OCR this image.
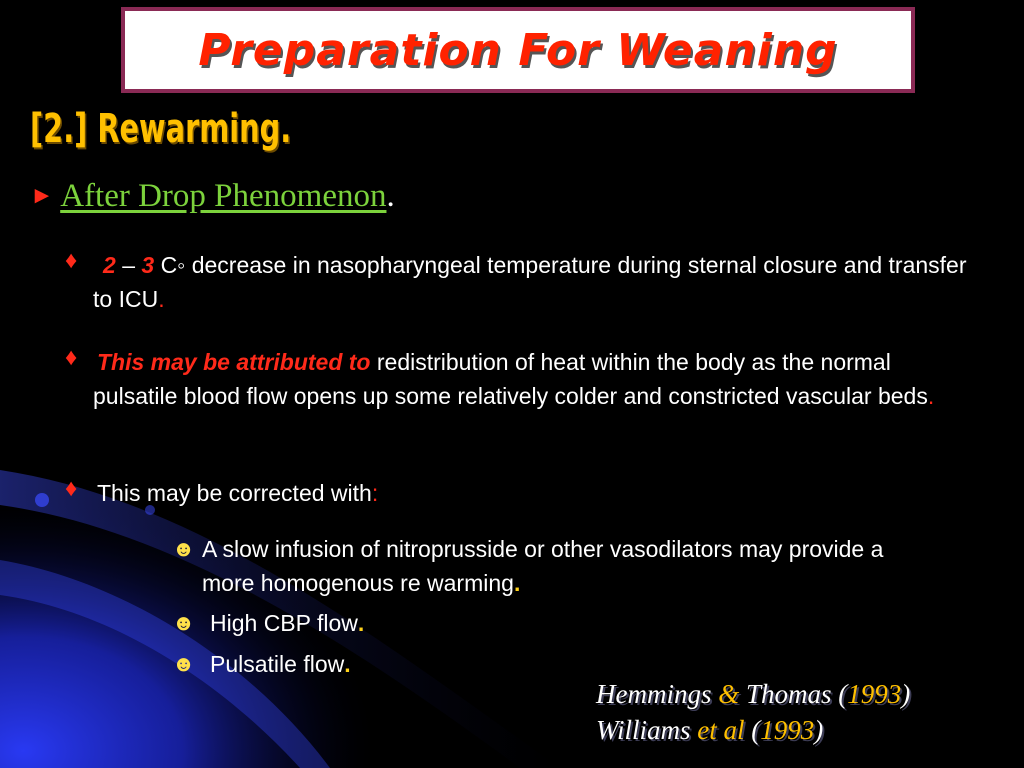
Preparation For Weaning
[2.] Rewarming.
► After Drop Phenomenon.
♦ 2 – 3 C◦ decrease in nasopharyngeal temperature during sternal closure and transfer to ICU.
♦ This may be attributed to redistribution of heat within the body as the normal pulsatile blood flow opens up some relatively colder and constricted vascular beds.
♦ This may be corrected with:
☻ A slow infusion of nitroprusside or other vasodilators may provide a more homogenous re warming.
☻ High CBP flow.
☻ Pulsatile flow.
Hemmings & Thomas (1993)
Williams et al (1993)
